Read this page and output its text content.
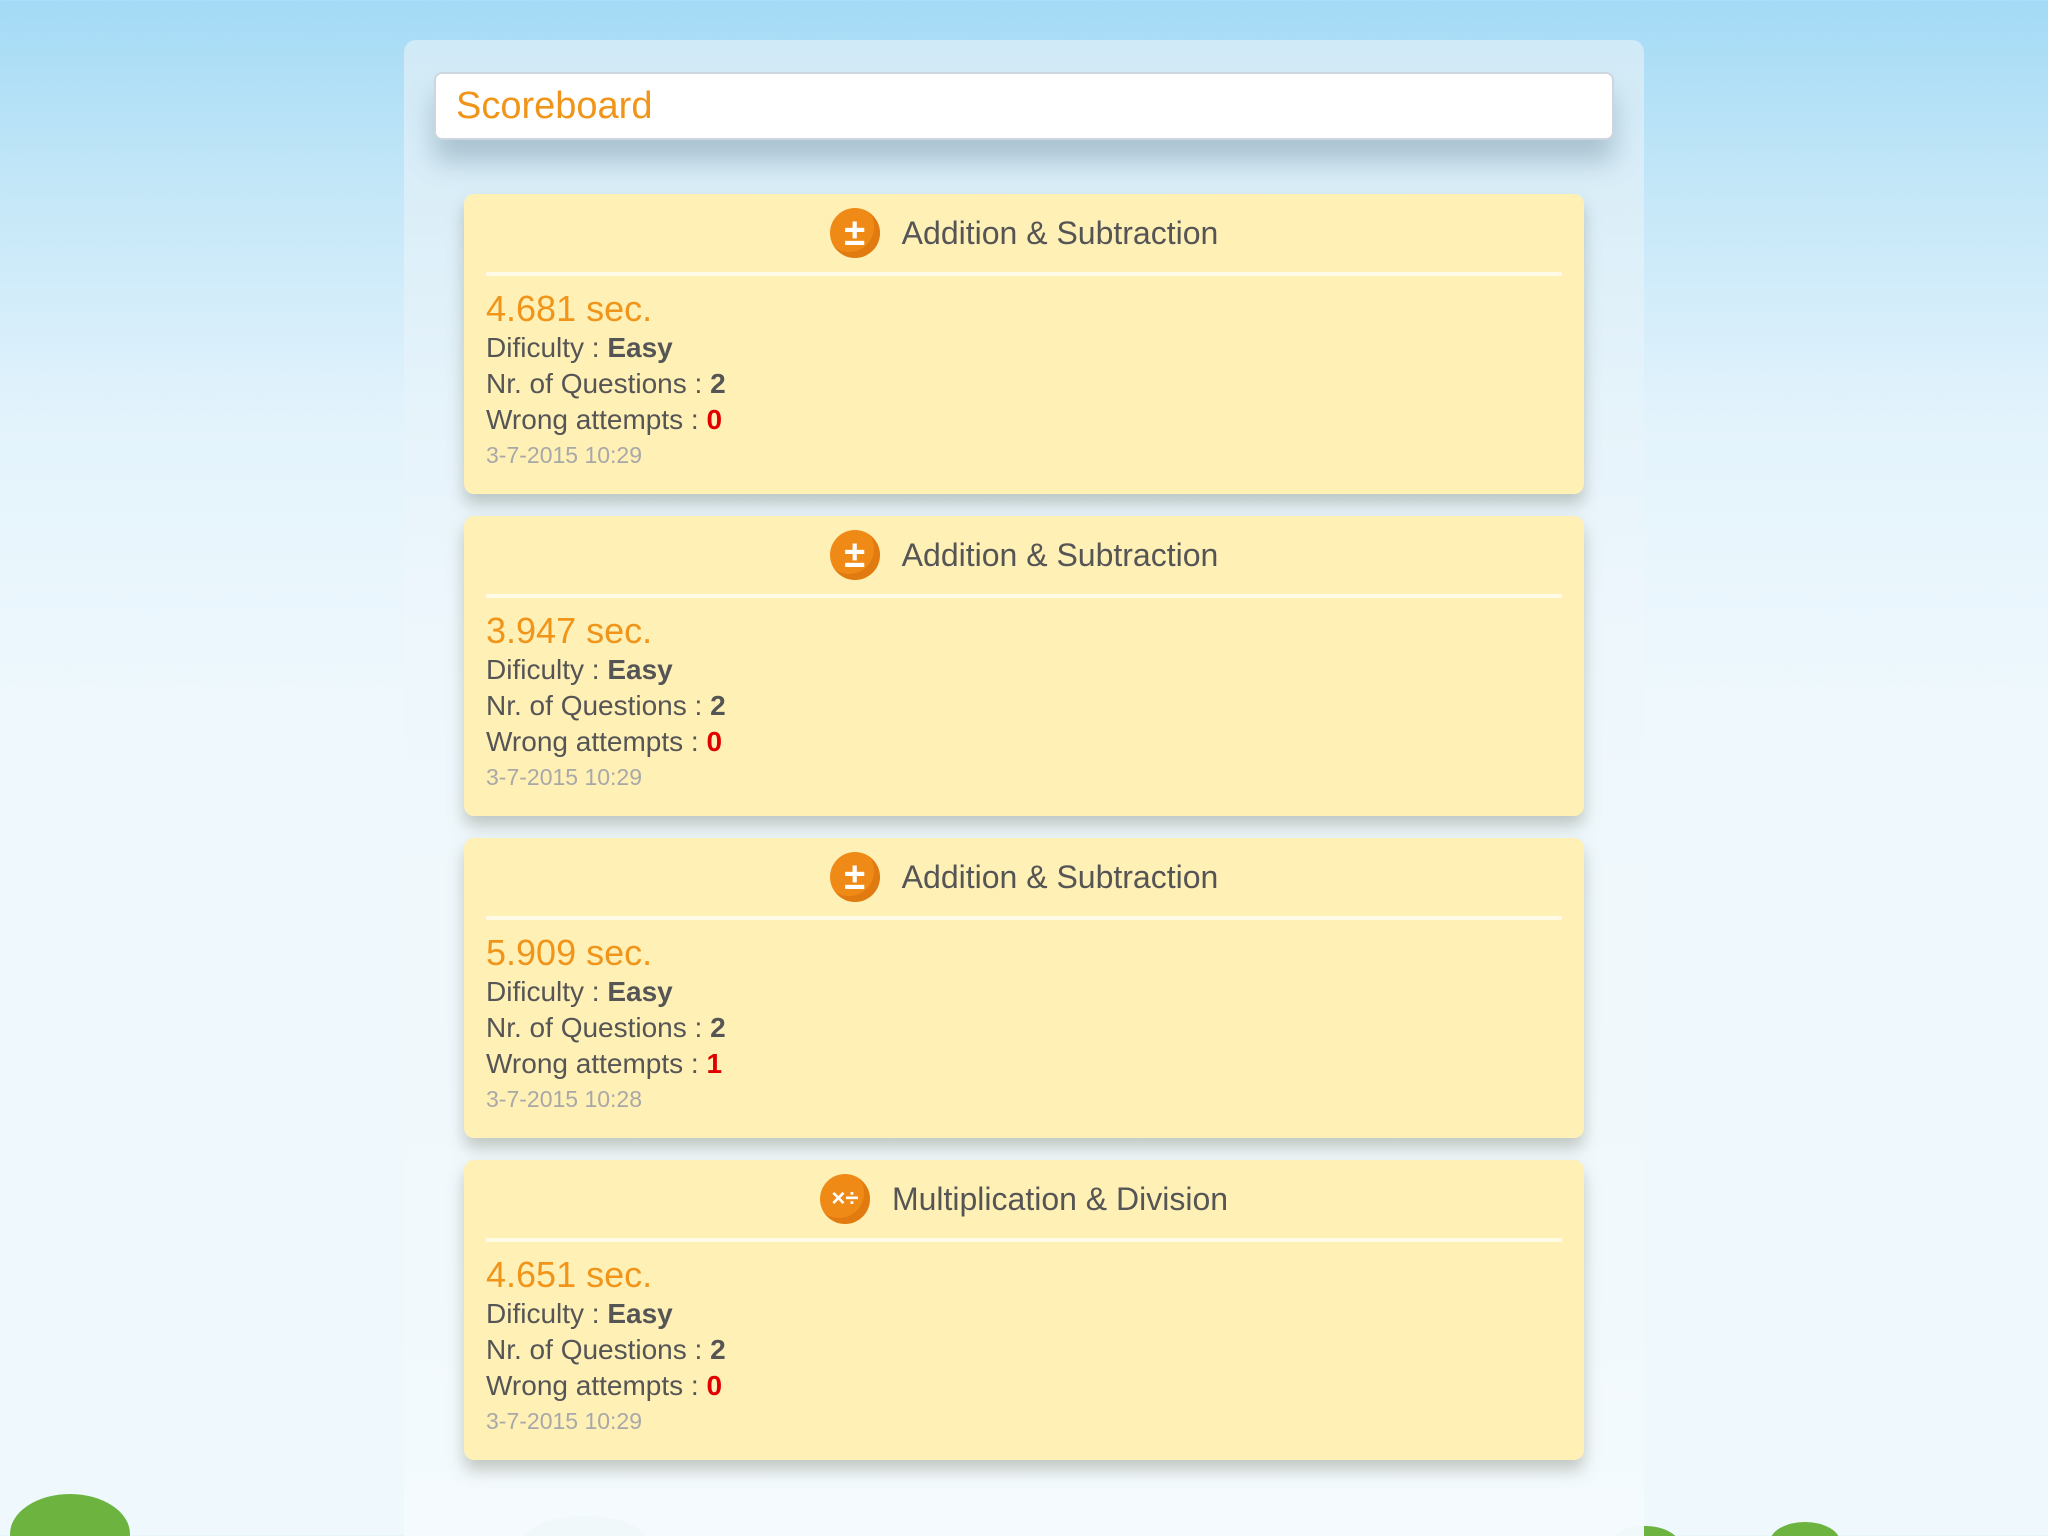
Scoreboard
±	Addition & Subtraction
4.681 sec.
Dificulty : Easy
Nr. of Questions : 2
Wrong attempts : 0
3-7-2015 10:29
±	Addition & Subtraction
3.947 sec.
Dificulty : Easy
Nr. of Questions : 2
Wrong attempts : 0
3-7-2015 10:29
±	Addition & Subtraction
5.909 sec.
Dificulty : Easy
Nr. of Questions : 2
Wrong attempts : 1
3-7-2015 10:28
×÷	Multiplication & Division
4.651 sec.
Dificulty : Easy
Nr. of Questions : 2
Wrong attempts : 0
3-7-2015 10:29
